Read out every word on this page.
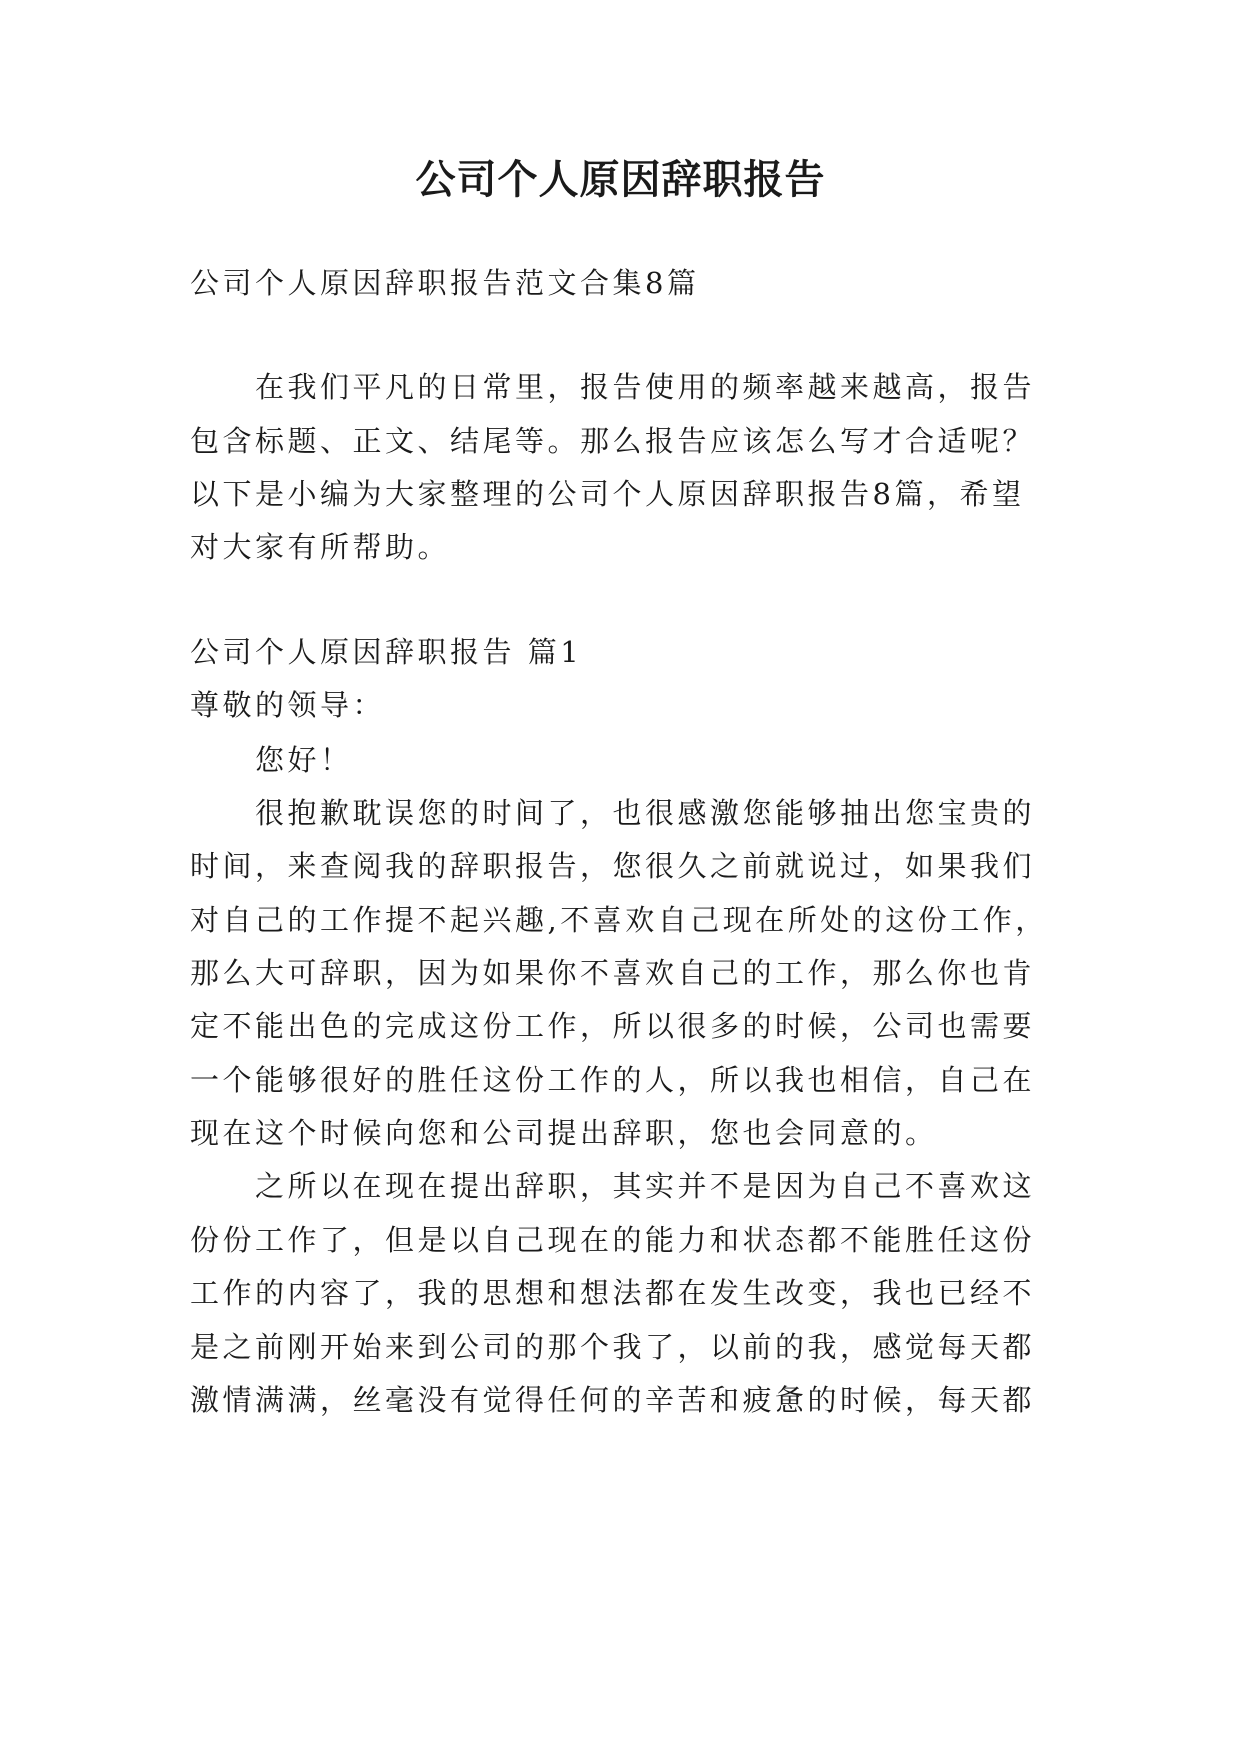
公司个人原因辞职报告

公司个人原因辞职报告范文合集8篇

在我们平凡的日常里，报告使用的频率越来越高，报告

包含标题、正文、结尾等。那么报告应该怎么写才合适呢？

以下是小编为大家整理的公司个人原因辞职报告8篇，希望

对大家有所帮助。

公司个人原因辞职报告 篇1

尊敬的领导：

您好！

很抱歉耽误您的时间了，也很感激您能够抽出您宝贵的

时间，来查阅我的辞职报告，您很久之前就说过，如果我们

对自己的工作提不起兴趣,不喜欢自己现在所处的这份工作，

那么大可辞职，因为如果你不喜欢自己的工作，那么你也肯

定不能出色的完成这份工作，所以很多的时候，公司也需要

一个能够很好的胜任这份工作的人，所以我也相信，自己在

现在这个时候向您和公司提出辞职，您也会同意的。

之所以在现在提出辞职，其实并不是因为自己不喜欢这

份份工作了，但是以自己现在的能力和状态都不能胜任这份

工作的内容了，我的思想和想法都在发生改变，我也已经不

是之前刚开始来到公司的那个我了，以前的我，感觉每天都

激情满满，丝毫没有觉得任何的辛苦和疲惫的时候，每天都
